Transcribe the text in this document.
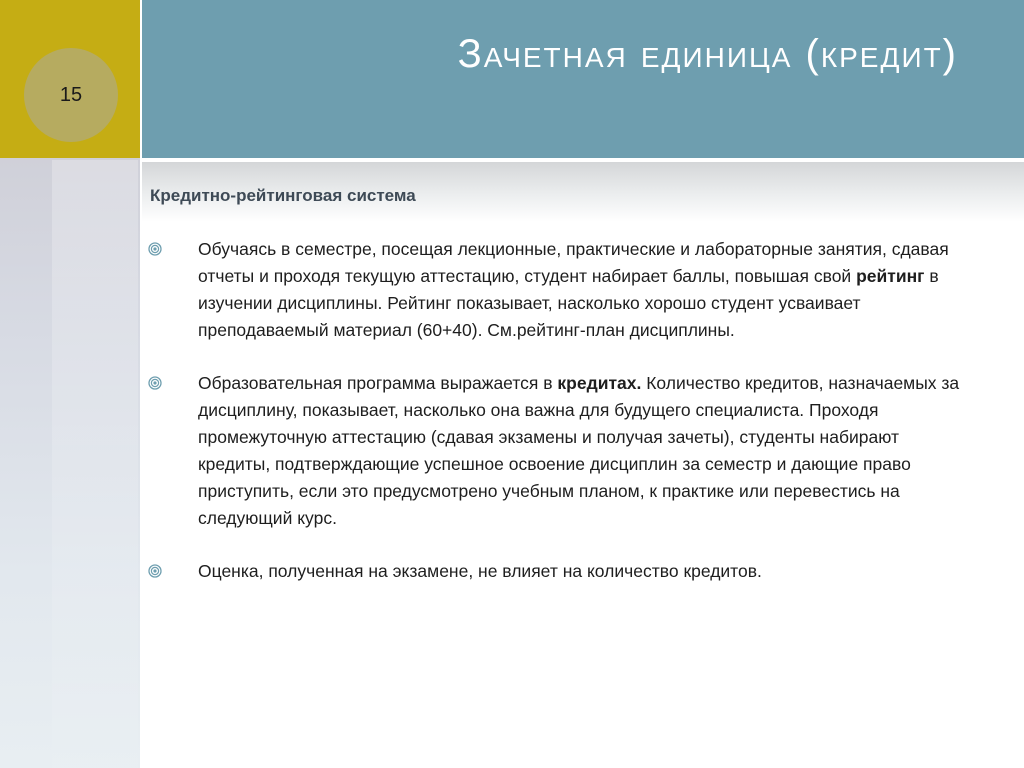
15
Зачетная единица (кредит)
Кредитно-рейтинговая система
Обучаясь в семестре, посещая лекционные, практические и лабораторные занятия, сдавая отчеты и проходя текущую аттестацию, студент набирает баллы, повышая свой рейтинг в изучении дисциплины. Рейтинг показывает, насколько хорошо студент усваивает преподаваемый материал (60+40). См.рейтинг-план дисциплины.
Образовательная программа выражается в кредитах. Количество кредитов, назначаемых за дисциплину, показывает, насколько она важна для будущего специалиста. Проходя промежуточную аттестацию (сдавая экзамены и получая зачеты), студенты набирают кредиты, подтверждающие успешное освоение дисциплин за семестр и дающие право приступить, если это предусмотрено учебным планом, к практике или перевестись на следующий курс.
Оценка, полученная на экзамене, не влияет на количество кредитов.
